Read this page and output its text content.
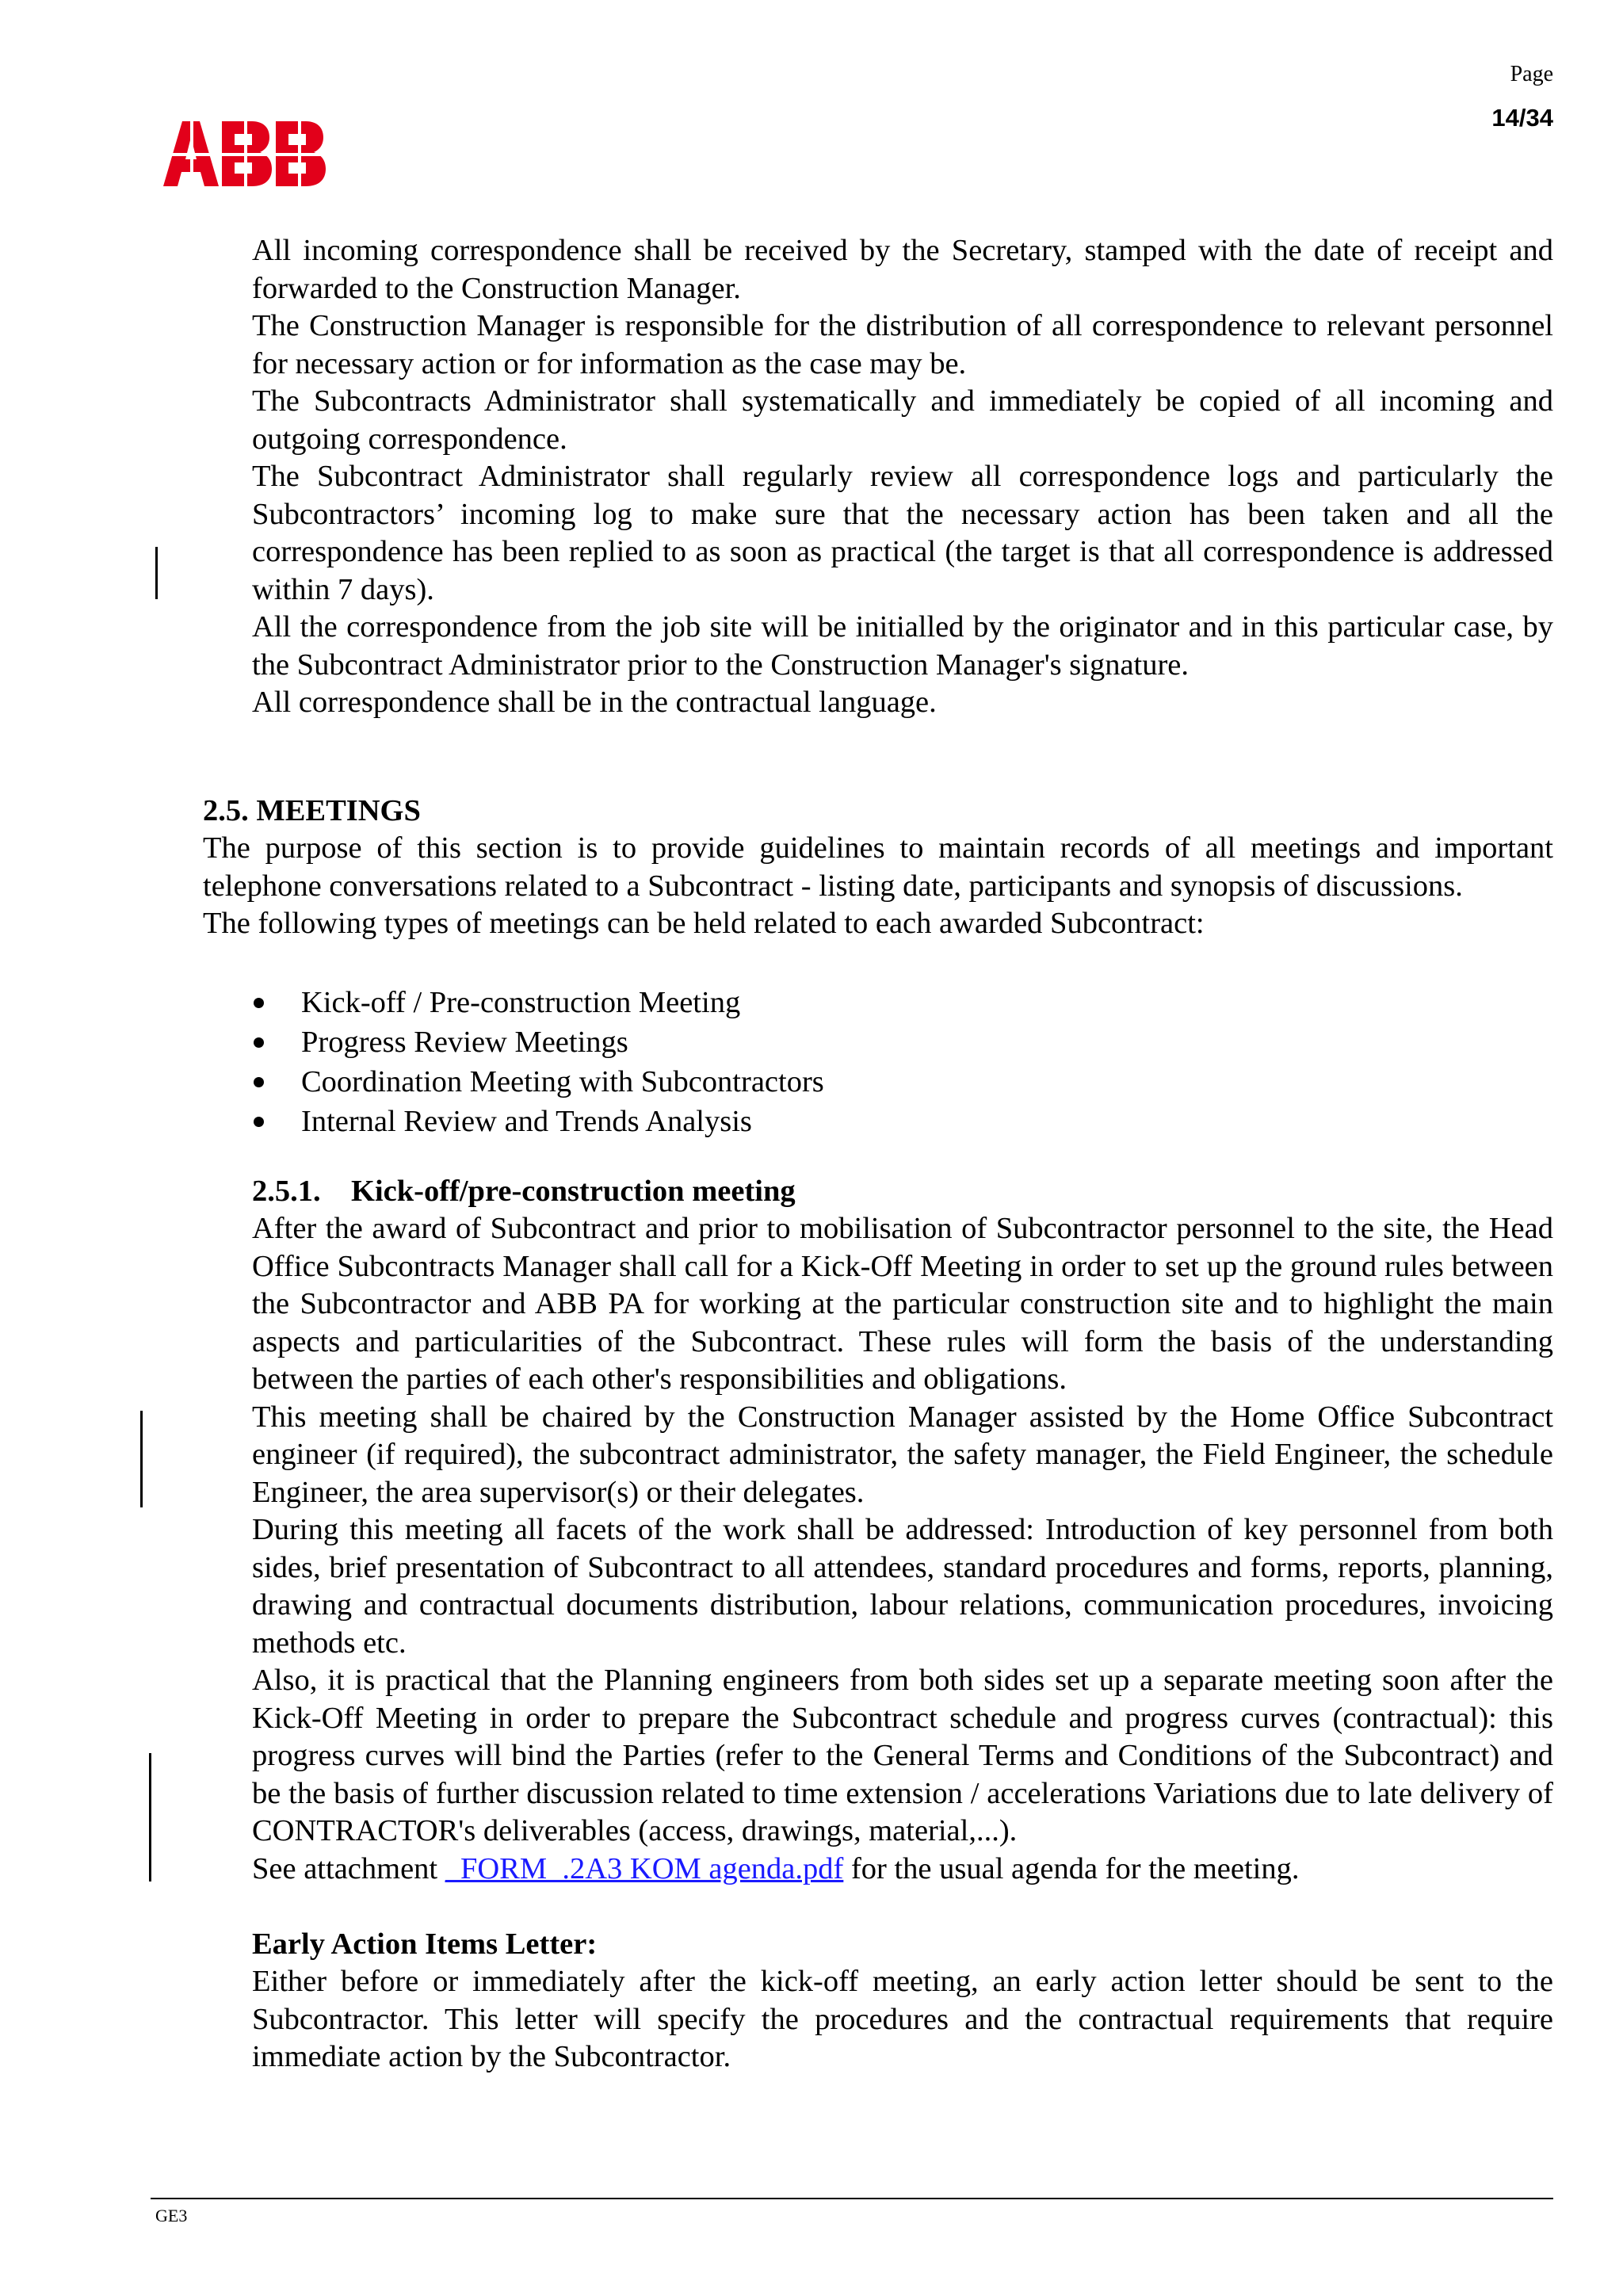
Page
14/34

All incoming correspondence shall be received by the Secretary, stamped with the date of receipt and forwarded to the Construction Manager.

The Construction Manager is responsible for the distribution of all correspondence to relevant personnel for necessary action or for information as the case may be.

The Subcontracts Administrator shall systematically and immediately be copied of all incoming and outgoing correspondence.

The Subcontract Administrator shall regularly review all correspondence logs and particularly the Subcontractors’ incoming log to make sure that the necessary action has been taken and all the correspondence has been replied to as soon as practical (the target is that all correspondence is addressed within 7 days).

All the correspondence from the job site will be initialled by the originator and in this particular case, by the Subcontract Administrator prior to the Construction Manager's signature.

All correspondence shall be in the contractual language.

2.5. MEETINGS

The purpose of this section is to provide guidelines to maintain records of all meetings and important telephone conversations related to a Subcontract - listing date, participants and synopsis of discussions.

The following types of meetings can be held related to each awarded Subcontract:

Kick-off / Pre-construction Meeting
Progress Review Meetings
Coordination Meeting with Subcontractors
Internal Review and Trends Analysis
2.5.1. Kick-off/pre-construction meeting

After the award of Subcontract and prior to mobilisation of Subcontractor personnel to the site, the Head Office Subcontracts Manager shall call for a Kick-Off Meeting in order to set up the ground rules between the Subcontractor and ABB PA for working at the particular construction site and to highlight the main aspects and particularities of the Subcontract. These rules will form the basis of the understanding between the parties of each other's responsibilities and obligations.

This meeting shall be chaired by the Construction Manager assisted by the Home Office Subcontract engineer (if required), the subcontract administrator, the safety manager, the Field Engineer, the schedule Engineer, the area supervisor(s) or their delegates.

During this meeting all facets of the work shall be addressed: Introduction of key personnel from both sides, brief presentation of Subcontract to all attendees, standard procedures and forms, reports, planning, drawing and contractual documents distribution, labour relations, communication procedures, invoicing methods etc.

Also, it is practical that the Planning engineers from both sides set up a separate meeting soon after the Kick-Off Meeting in order to prepare the Subcontract schedule and progress curves (contractual): this progress curves will bind the Parties (refer to the General Terms and Conditions of the Subcontract) and be the basis of further discussion related to time extension / accelerations Variations due to late delivery of CONTRACTOR's deliverables (access, drawings, material,...).

See attachment _FORM_.2A3 KOM agenda.pdf for the usual agenda for the meeting.

Early Action Items Letter:

Either before or immediately after the kick-off meeting, an early action letter should be sent to the Subcontractor. This letter will specify the procedures and the contractual requirements that require immediate action by the Subcontractor.

GE3
